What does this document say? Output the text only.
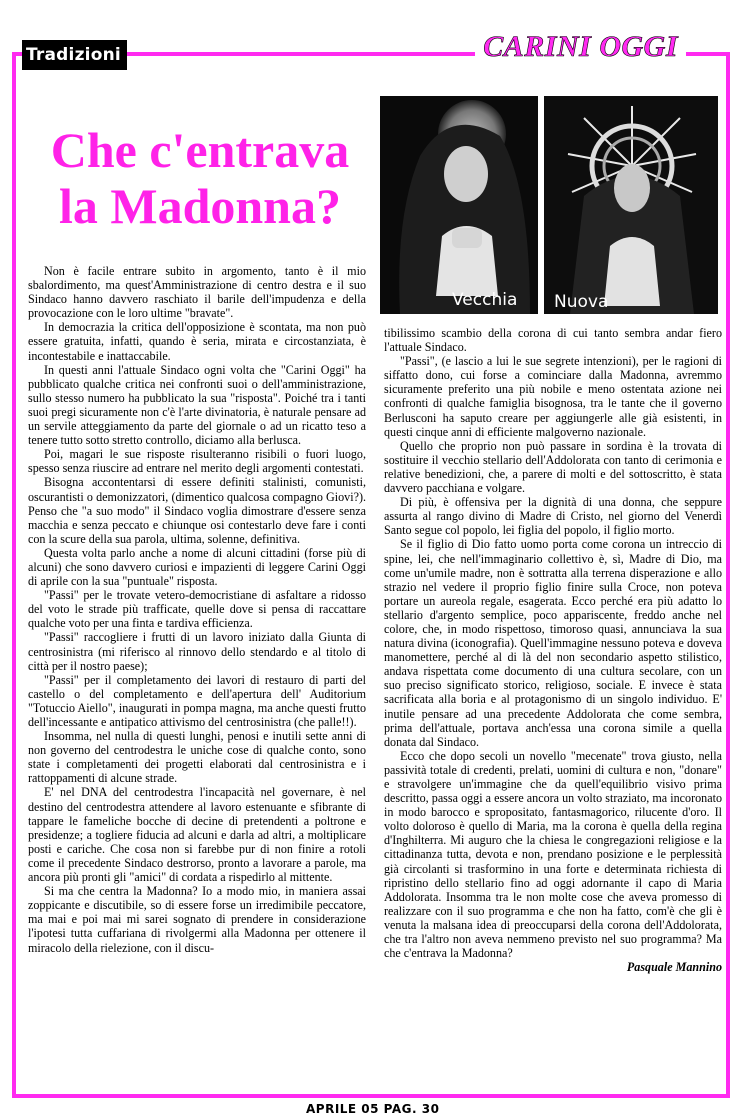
Tradizioni	CARINI OGGI
Che c'entrava
la Madonna?
Vecchia Nuova

Non è facile entrare subito in argomento, tanto è il mio sbalordimento, ma quest'Amministrazione di centro destra e il suo Sindaco hanno davvero raschiato il barile dell'impudenza e della provocazione con le loro ultime "bravate".

In democrazia la critica dell'opposizione è scontata, ma non può essere gratuita, infatti, quando è seria, mirata e circostanziata, è incontestabile e inattaccabile.

In questi anni l'attuale Sindaco ogni volta che "Carini Oggi" ha pubblicato qualche critica nei confronti suoi o dell'amministrazione, sullo stesso numero ha pubblicato la sua "risposta". Poiché tra i tanti suoi pregi sicuramente non c'è l'arte divinatoria, è naturale pensare ad un servile atteggiamento da parte del giornale o ad un ricatto teso a tenere tutto sotto stretto controllo, diciamo alla berlusca.

Poi, magari le sue risposte risulteranno risibili o fuori luogo, spesso senza riuscire ad entrare nel merito degli argomenti contestati.

Bisogna accontentarsi di essere definiti stalinisti, comunisti, oscurantisti o demonizzatori, (dimentico qualcosa compagno Giovi?). Penso che "a suo modo" il Sindaco voglia dimostrare d'essere senza macchia e senza peccato e chiunque osi contestarlo deve fare i conti con la scure della sua parola, ultima, solenne, definitiva.

Questa volta parlo anche a nome di alcuni cittadini (forse più di alcuni) che sono davvero curiosi e impazienti di leggere Carini Oggi di aprile con la sua "puntuale" risposta.

"Passi" per le trovate vetero-democristiane di asfaltare a ridosso del voto le strade più trafficate, quelle dove si pensa di raccattare qualche voto per una finta e tardiva efficienza.

"Passi" raccogliere i frutti di un lavoro iniziato dalla Giunta di centrosinistra (mi riferisco al rinnovo dello stendardo e al titolo di città per il nostro paese);

"Passi" per il completamento dei lavori di restauro di parti del castello o del completamento e dell'apertura dell' Auditorium "Totuccio Aiello", inaugurati in pompa magna, ma anche questi frutto dell'incessante e antipatico attivismo del centrosinistra (che palle!!).

Insomma, nel nulla di questi lunghi, penosi e inutili sette anni di non governo del centrodestra le uniche cose di qualche conto, sono state i completamenti dei progetti elaborati dal centrosinistra e i rattoppamenti di alcune strade.

E' nel DNA del centrodestra l'incapacità nel governare, è nel destino del centrodestra attendere al lavoro estenuante e sfibrante di tappare le fameliche bocche di decine di pretendenti a poltrone e presidenze; a togliere fiducia ad alcuni e darla ad altri, a moltiplicare posti e cariche. Che cosa non si farebbe pur di non finire a rotoli come il precedente Sindaco destrorso, pronto a lavorare a parole, ma ancora più pronti gli "amici" di cordata a rispedirlo al mittente.

Si ma che centra la Madonna? Io a modo mio, in maniera assai zoppicante e discutibile, so di essere forse un irredimibile peccatore, ma mai e poi mai mi sarei sognato di prendere in considerazione l'ipotesi tutta cuffariana di rivolgermi alla Madonna per ottenere il miracolo della rielezione, con il discu-

tibilissimo scambio della corona di cui tanto sembra andar fiero l'attuale Sindaco.

"Passi", (e lascio a lui le sue segrete intenzioni), per le ragioni di siffatto dono, cui forse a cominciare dalla Madonna, avremmo sicuramente preferito una più nobile e meno ostentata azione nei confronti di qualche famiglia bisognosa, tra le tante che il governo Berlusconi ha saputo creare per aggiungerle alle già esistenti, in questi cinque anni di efficiente malgoverno nazionale.

Quello che proprio non può passare in sordina è la trovata di sostituire il vecchio stellario dell'Addolorata con tanto di cerimonia e relative benedizioni, che, a parere di molti e del sottoscritto, è stata davvero pacchiana e volgare.

Di più, è offensiva per la dignità di una donna, che seppure assurta al rango divino di Madre di Cristo, nel giorno del Venerdì Santo segue col popolo, lei figlia del popolo, il figlio morto.

Se il figlio di Dio fatto uomo porta come corona un intreccio di spine, lei, che nell'immaginario collettivo è, sì, Madre di Dio, ma come un'umile madre, non è sottratta alla terrena disperazione e allo strazio nel vedere il proprio figlio finire sulla Croce, non poteva portare un aureola regale, esagerata. Ecco perché era più adatto lo stellario d'argento semplice, poco appariscente, freddo anche nel colore, che, in modo rispettoso, timoroso quasi, annunciava la sua natura divina (iconografia). Quell'immagine nessuno poteva e doveva manomettere, perché al di là del non secondario aspetto stilistico, andava rispettata come documento di una cultura secolare, con un suo preciso significato storico, religioso, sociale. E invece è stata sacrificata alla boria e al protagonismo di un singolo individuo. E' inutile pensare ad una precedente Addolorata che come sembra, prima dell'attuale, portava anch'essa una corona simile a quella donata dal Sindaco.

Ecco che dopo secoli un novello "mecenate" trova giusto, nella passività totale di credenti, prelati, uomini di cultura e non, "donare" e stravolgere un'immagine che da quell'equilibrio visivo prima descritto, passa oggi a essere ancora un volto straziato, ma incoronato in modo barocco e spropositato, fantasmagorico, rilucente d'oro. Il volto doloroso è quello di Maria, ma la corona è quella della regina d'Inghilterra. Mi auguro che la chiesa le congregazioni religiose e la cittadinanza tutta, devota e non, prendano posizione e le perplessità già circolanti si trasformino in una forte e determinata richiesta di ripristino dello stellario fino ad oggi adornante il capo di Maria Addolorata. Insomma tra le non molte cose che aveva promesso di realizzare con il suo programma e che non ha fatto, com'è che gli è venuta la malsana idea di preoccuparsi della corona dell'Addolorata, che tra l'altro non aveva nemmeno previsto nel suo programma? Ma che c'entrava la Madonna?

Pasquale Mannino

APRILE 05 PAG. 30
